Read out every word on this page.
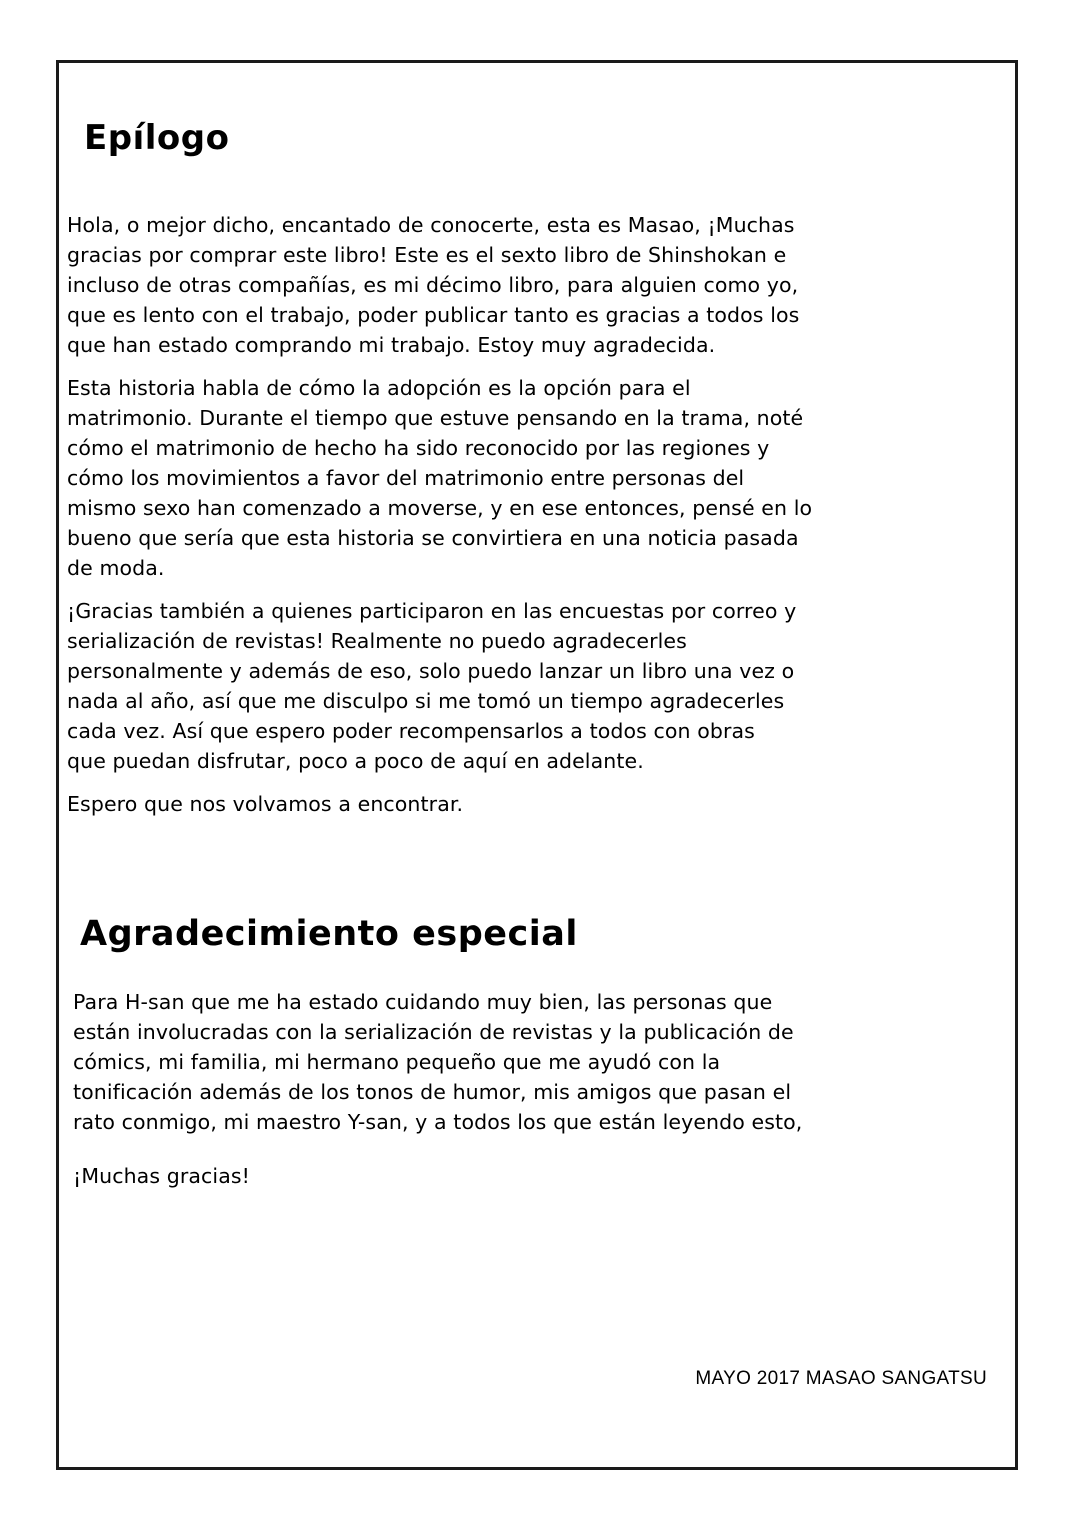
Epílogo

Hola, o mejor dicho, encantado de conocerte, esta es Masao, ¡Muchas
gracias por comprar este libro! Este es el sexto libro de Shinshokan e
incluso de otras compañías, es mi décimo libro, para alguien como yo,
que es lento con el trabajo, poder publicar tanto es gracias a todos los
que han estado comprando mi trabajo. Estoy muy agradecida.

Esta historia habla de cómo la adopción es la opción para el
matrimonio. Durante el tiempo que estuve pensando en la trama, noté
cómo el matrimonio de hecho ha sido reconocido por las regiones y
cómo los movimientos a favor del matrimonio entre personas del
mismo sexo han comenzado a moverse, y en ese entonces, pensé en lo
bueno que sería que esta historia se convirtiera en una noticia pasada
de moda.

¡Gracias también a quienes participaron en las encuestas por correo y
serialización de revistas! Realmente no puedo agradecerles
personalmente y además de eso, solo puedo lanzar un libro una vez o
nada al año, así que me disculpo si me tomó un tiempo agradecerles
cada vez. Así que espero poder recompensarlos a todos con obras
que puedan disfrutar, poco a poco de aquí en adelante.

Espero que nos volvamos a encontrar.

Agradecimiento especial

Para H-san que me ha estado cuidando muy bien, las personas que
están involucradas con la serialización de revistas y la publicación de
cómics, mi familia, mi hermano pequeño que me ayudó con la
tonificación además de los tonos de humor, mis amigos que pasan el
rato conmigo, mi maestro Y-san, y a todos los que están leyendo esto,

¡Muchas gracias!

MAYO 2017 MASAO SANGATSU
